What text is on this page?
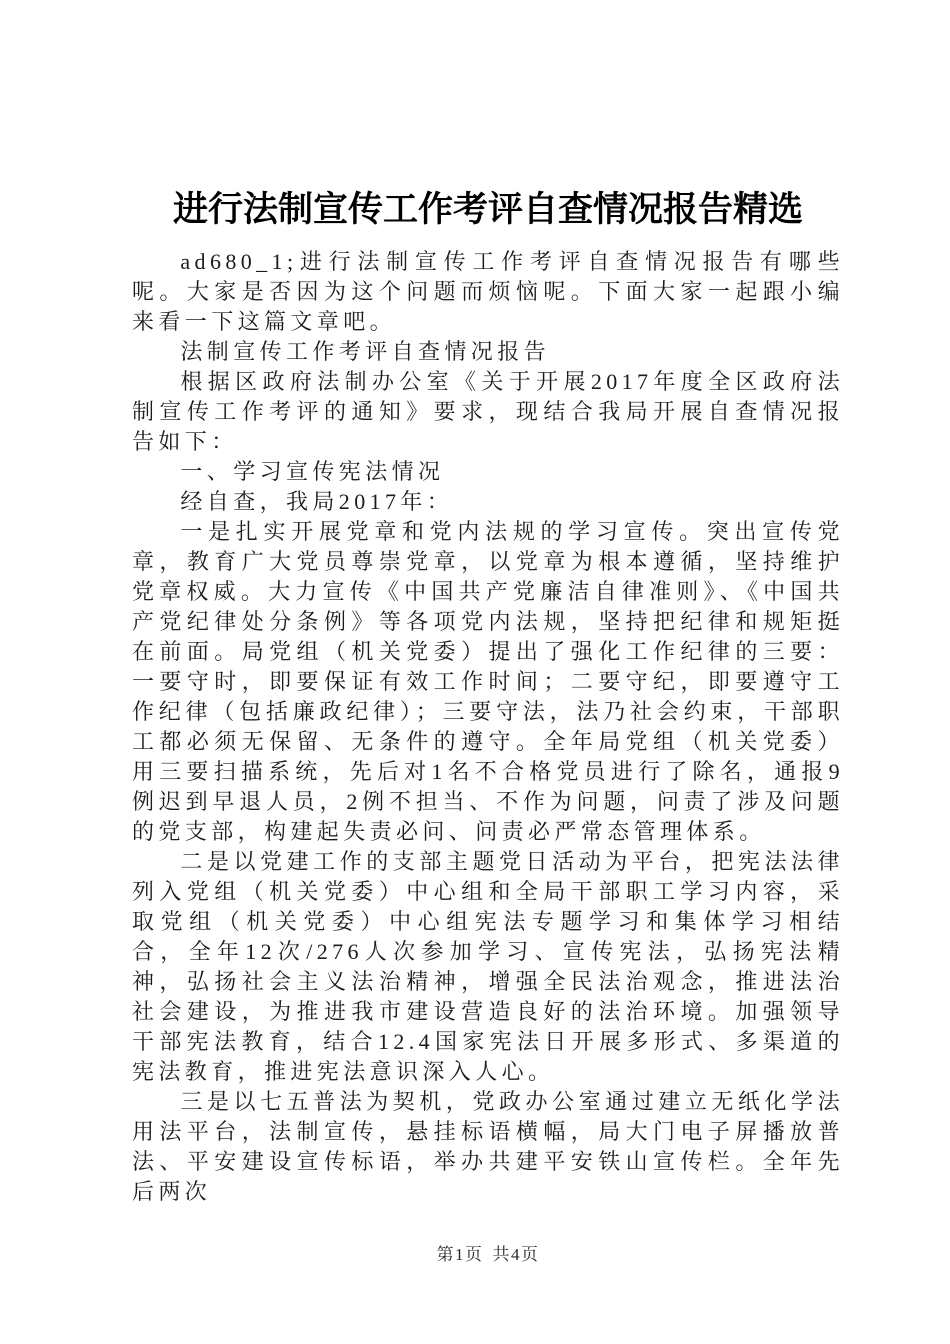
进行法制宣传工作考评自查情况报告精选

ad680_1;进行法制宣传工作考评自查情况报告有哪些呢。大家是否因为这个问题而烦恼呢。下面大家一起跟小编来看一下这篇文章吧。

法制宣传工作考评自查情况报告

根据区政府法制办公室《关于开展2017年度全区政府法制宣传工作考评的通知》要求，现结合我局开展自查情况报告如下：

一、学习宣传宪法情况

经自查，我局2017年：

一是扎实开展党章和党内法规的学习宣传。突出宣传党章，教育广大党员尊崇党章，以党章为根本遵循，坚持维护党章权威。大力宣传《中国共产党廉洁自律准则》、《中国共产党纪律处分条例》等各项党内法规，坚持把纪律和规矩挺在前面。局党组（机关党委）提出了强化工作纪律的三要：一要守时，即要保证有效工作时间；二要守纪，即要遵守工作纪律（包括廉政纪律）；三要守法，法乃社会约束，干部职工都必须无保留、无条件的遵守。全年局党组（机关党委）用三要扫描系统，先后对1名不合格党员进行了除名，通报9例迟到早退人员，2例不担当、不作为问题，问责了涉及问题的党支部，构建起失责必问、问责必严常态管理体系。

二是以党建工作的支部主题党日活动为平台，把宪法法律列入党组（机关党委）中心组和全局干部职工学习内容，采取党组（机关党委）中心组宪法专题学习和集体学习相结合，全年12次/276人次参加学习、宣传宪法，弘扬宪法精神，弘扬社会主义法治精神，增强全民法治观念，推进法治社会建设，为推进我市建设营造良好的法治环境。加强领导干部宪法教育，结合12.4国家宪法日开展多形式、多渠道的宪法教育，推进宪法意识深入人心。

三是以七五普法为契机，党政办公室通过建立无纸化学法用法平台，法制宣传，悬挂标语横幅，局大门电子屏播放普法、平安建设宣传标语，举办共建平安铁山宣传栏。全年先后两次

第1页 共4页
